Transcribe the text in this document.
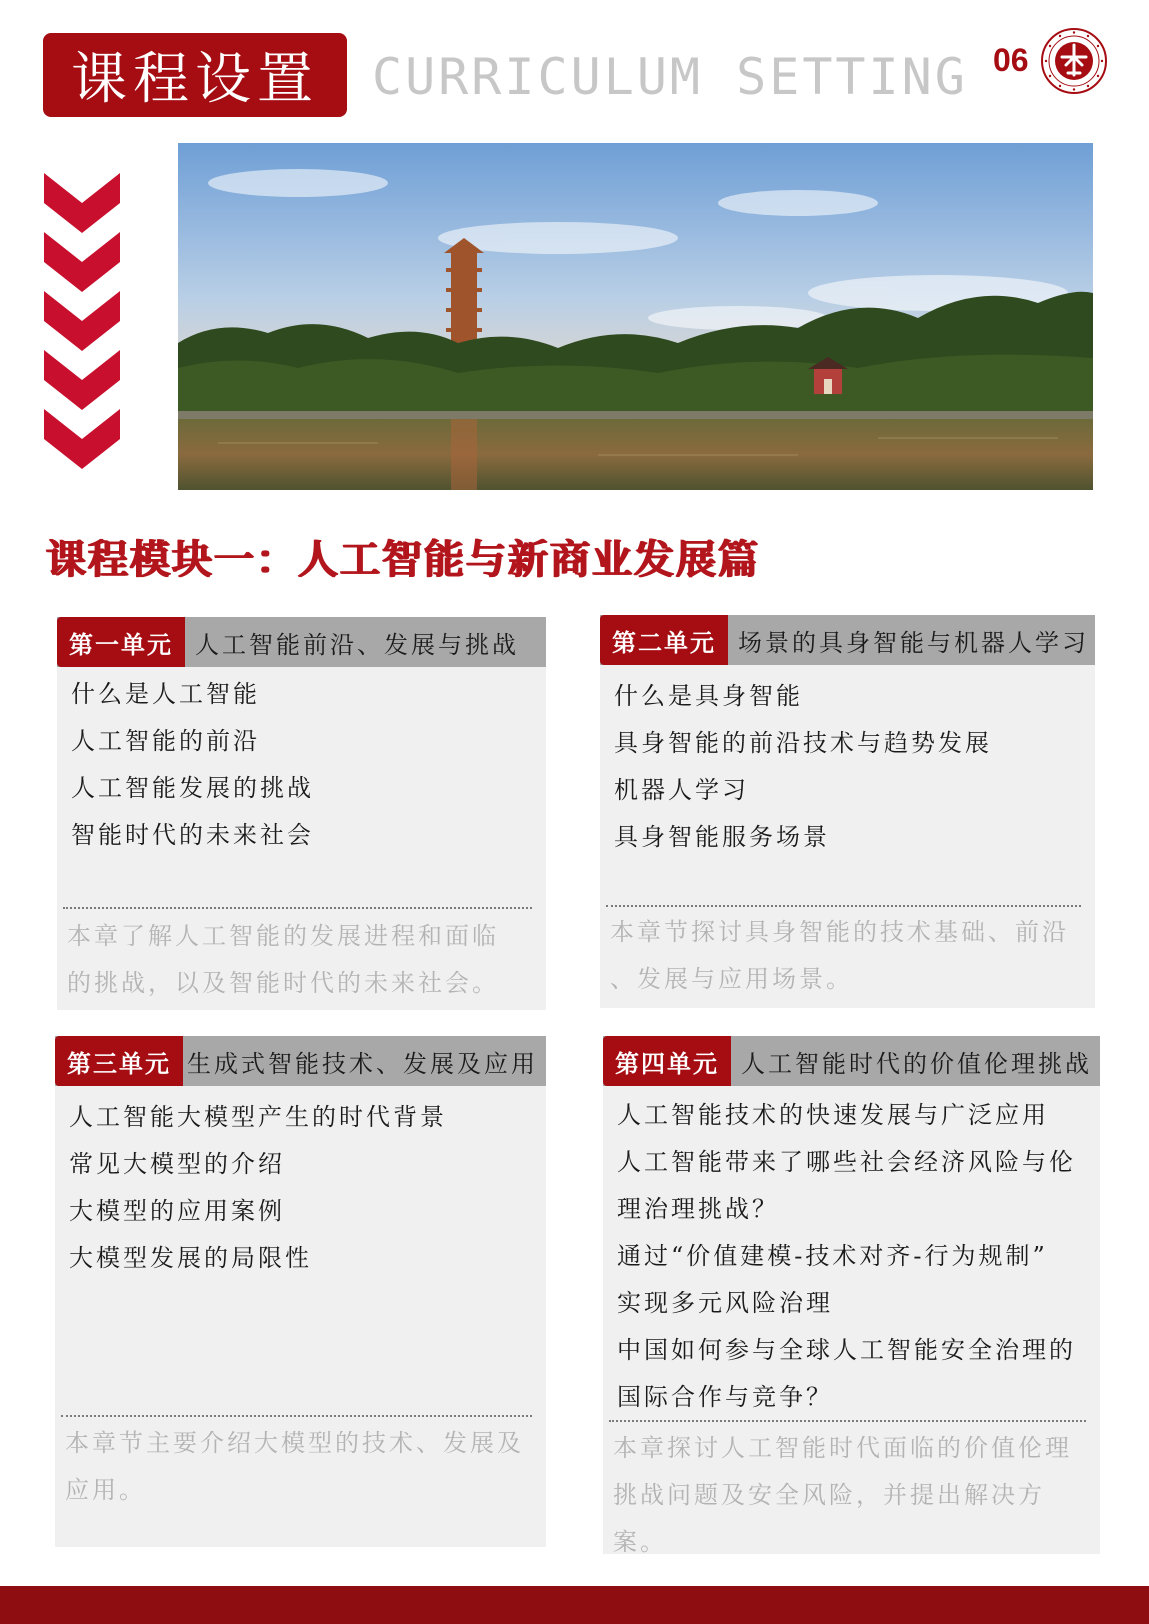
课程设置 CURRICULUM SETTING 06
课程模块一：人工智能与新商业发展篇
第一单元 人工智能前沿、发展与挑战
什么是人工智能
人工智能的前沿
人工智能发展的挑战
智能时代的未来社会
本章了解人工智能的发展进程和面临
的挑战，以及智能时代的未来社会。
第二单元 场景的具身智能与机器人学习
什么是具身智能
具身智能的前沿技术与趋势发展
机器人学习
具身智能服务场景
本章节探讨具身智能的技术基础、前沿
、发展与应用场景。
第三单元 生成式智能技术、发展及应用
人工智能大模型产生的时代背景
常见大模型的介绍
大模型的应用案例
大模型发展的局限性
本章节主要介绍大模型的技术、发展及
应用。
第四单元 人工智能时代的价值伦理挑战
人工智能技术的快速发展与广泛应用
人工智能带来了哪些社会经济风险与伦
理治理挑战？
通过“价值建模-技术对齐-行为规制”
实现多元风险治理
中国如何参与全球人工智能安全治理的
国际合作与竞争？
本章探讨人工智能时代面临的价值伦理
挑战问题及安全风险，并提出解决方案。
